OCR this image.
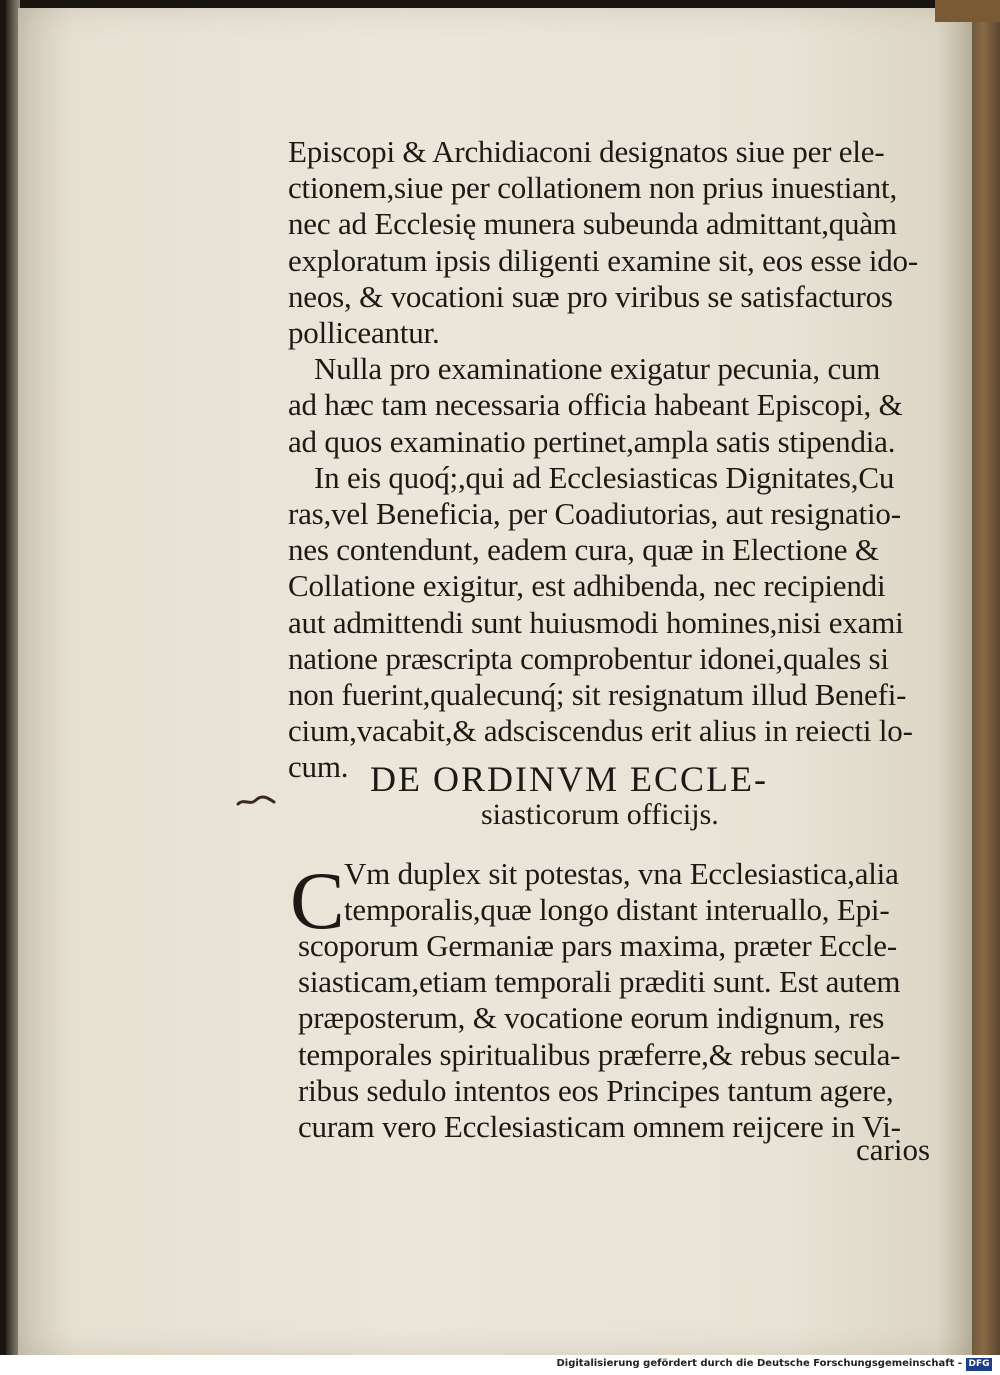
DE ORDINVM ECCLE-
siasticorum officijs.
C
carios
Episcopi & Archidiaconi designatos siue per ele-
ctionem,siue per collationem non prius inuestiant,
nec ad Ecclesię munera subeunda admittant,quàm
exploratum ipsis diligenti examine sit, eos esse ido-
neos, & vocationi suæ pro viribus se satisfacturos
polliceantur.
Nulla pro examinatione exigatur pecunia, cum
ad hæc tam necessaria officia habeant Episcopi, &
ad quos examinatio pertinet,ampla satis stipendia.
In eis quoq́;,qui ad Ecclesiasticas Dignitates,Cu
ras,vel Beneficia, per Coadiutorias, aut resignatio-
nes contendunt, eadem cura, quæ in Electione &
Collatione exigitur, est adhibenda, nec recipiendi
aut admittendi sunt huiusmodi homines,nisi exami
natione præscripta comprobentur idonei,quales si
non fuerint,qualecunq́; sit resignatum illud Benefi-
cium,vacabit,& adsciscendus erit alius in reiecti lo-
cum.
Vm duplex sit potestas, vna Ecclesiastica,alia
temporalis,quæ longo distant interuallo, Epi-
scoporum Germaniæ pars maxima, præter Eccle-
siasticam,etiam temporali præditi sunt. Est autem
præposterum, & vocatione eorum indignum, res
temporales spiritualibus præferre,& rebus secula-
ribus sedulo intentos eos Principes tantum agere,
curam vero Ecclesiasticam omnem reijcere in Vi-
Digitalisierung gefördert durch die Deutsche Forschungsgemeinschaft - DFG
